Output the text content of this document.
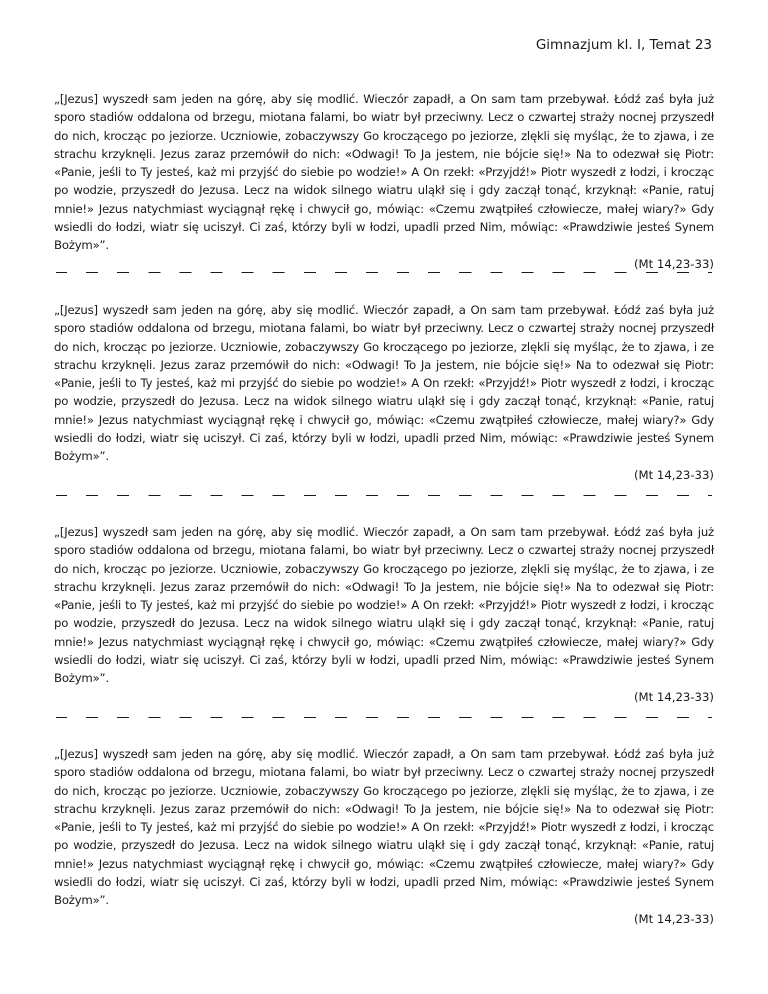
Gimnazjum kl. I, Temat 23

„[Jezus] wyszedł sam jeden na górę, aby się modlić. Wieczór zapadł, a On sam tam przebywał. Łódź zaś była już sporo stadiów oddalona od brzegu, miotana falami, bo wiatr był przeciwny. Lecz o czwartej straży nocnej przyszedł do nich, krocząc po jeziorze. Uczniowie, zobaczywszy Go kroczącego po jeziorze, zlękli się myśląc, że to zjawa, i ze strachu krzyknęli. Jezus zaraz przemówił do nich: «Odwagi! To Ja jestem, nie bójcie się!» Na to odezwał się Piotr: «Panie, jeśli to Ty jesteś, każ mi przyjść do siebie po wodzie!» A On rzekł: «Przyjdź!» Piotr wyszedł z łodzi, i krocząc po wodzie, przyszedł do Jezusa. Lecz na widok silnego wiatru uląkł się i gdy zaczął tonąć, krzyknął: «Panie, ratuj mnie!» Jezus natychmiast wyciągnął rękę i chwycił go, mówiąc: «Czemu zwątpiłeś człowiecze, małej wiary?» Gdy wsiedli do łodzi, wiatr się uciszył. Ci zaś, którzy byli w łodzi, upadli przed Nim, mówiąc: «Prawdziwie jesteś Synem Bożym»”.

(Mt 14,23-33)

„[Jezus] wyszedł sam jeden na górę, aby się modlić. Wieczór zapadł, a On sam tam przebywał. Łódź zaś była już sporo stadiów oddalona od brzegu, miotana falami, bo wiatr był przeciwny. Lecz o czwartej straży nocnej przyszedł do nich, krocząc po jeziorze. Uczniowie, zobaczywszy Go kroczącego po jeziorze, zlękli się myśląc, że to zjawa, i ze strachu krzyknęli. Jezus zaraz przemówił do nich: «Odwagi! To Ja jestem, nie bójcie się!» Na to odezwał się Piotr: «Panie, jeśli to Ty jesteś, każ mi przyjść do siebie po wodzie!» A On rzekł: «Przyjdź!» Piotr wyszedł z łodzi, i krocząc po wodzie, przyszedł do Jezusa. Lecz na widok silnego wiatru uląkł się i gdy zaczął tonąć, krzyknął: «Panie, ratuj mnie!» Jezus natychmiast wyciągnął rękę i chwycił go, mówiąc: «Czemu zwątpiłeś człowiecze, małej wiary?» Gdy wsiedli do łodzi, wiatr się uciszył. Ci zaś, którzy byli w łodzi, upadli przed Nim, mówiąc: «Prawdziwie jesteś Synem Bożym»”.

(Mt 14,23-33)

„[Jezus] wyszedł sam jeden na górę, aby się modlić. Wieczór zapadł, a On sam tam przebywał. Łódź zaś była już sporo stadiów oddalona od brzegu, miotana falami, bo wiatr był przeciwny. Lecz o czwartej straży nocnej przyszedł do nich, krocząc po jeziorze. Uczniowie, zobaczywszy Go kroczącego po jeziorze, zlękli się myśląc, że to zjawa, i ze strachu krzyknęli. Jezus zaraz przemówił do nich: «Odwagi! To Ja jestem, nie bójcie się!» Na to odezwał się Piotr: «Panie, jeśli to Ty jesteś, każ mi przyjść do siebie po wodzie!» A On rzekł: «Przyjdź!» Piotr wyszedł z łodzi, i krocząc po wodzie, przyszedł do Jezusa. Lecz na widok silnego wiatru uląkł się i gdy zaczął tonąć, krzyknął: «Panie, ratuj mnie!» Jezus natychmiast wyciągnął rękę i chwycił go, mówiąc: «Czemu zwątpiłeś człowiecze, małej wiary?» Gdy wsiedli do łodzi, wiatr się uciszył. Ci zaś, którzy byli w łodzi, upadli przed Nim, mówiąc: «Prawdziwie jesteś Synem Bożym»”.

(Mt 14,23-33)

„[Jezus] wyszedł sam jeden na górę, aby się modlić. Wieczór zapadł, a On sam tam przebywał. Łódź zaś była już sporo stadiów oddalona od brzegu, miotana falami, bo wiatr był przeciwny. Lecz o czwartej straży nocnej przyszedł do nich, krocząc po jeziorze. Uczniowie, zobaczywszy Go kroczącego po jeziorze, zlękli się myśląc, że to zjawa, i ze strachu krzyknęli. Jezus zaraz przemówił do nich: «Odwagi! To Ja jestem, nie bójcie się!» Na to odezwał się Piotr: «Panie, jeśli to Ty jesteś, każ mi przyjść do siebie po wodzie!» A On rzekł: «Przyjdź!» Piotr wyszedł z łodzi, i krocząc po wodzie, przyszedł do Jezusa. Lecz na widok silnego wiatru uląkł się i gdy zaczął tonąć, krzyknął: «Panie, ratuj mnie!» Jezus natychmiast wyciągnął rękę i chwycił go, mówiąc: «Czemu zwątpiłeś człowiecze, małej wiary?» Gdy wsiedli do łodzi, wiatr się uciszył. Ci zaś, którzy byli w łodzi, upadli przed Nim, mówiąc: «Prawdziwie jesteś Synem Bożym»”.

(Mt 14,23-33)
